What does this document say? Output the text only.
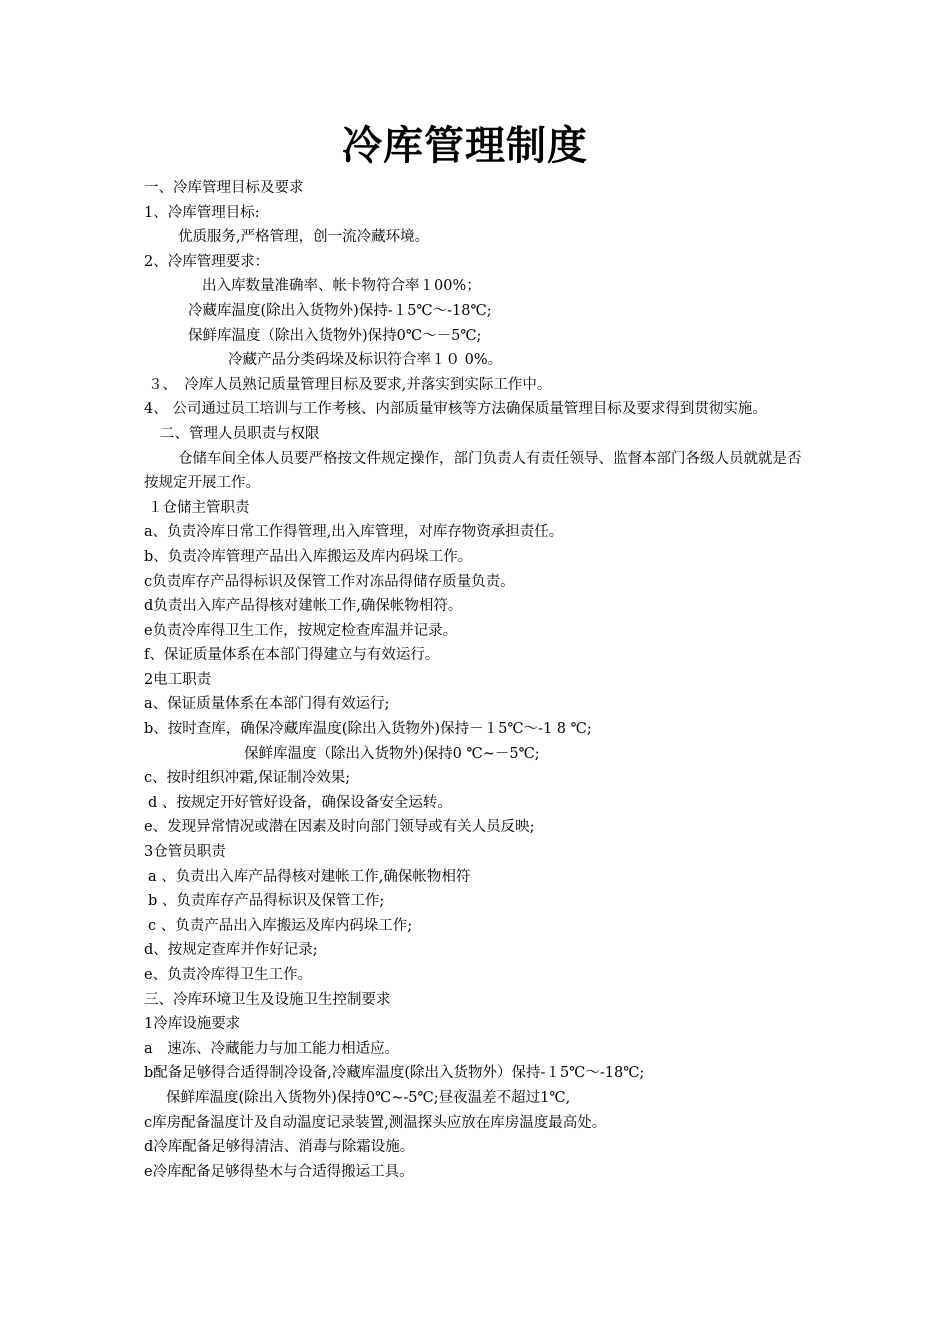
冷库管理制度

一、冷库管理目标及要求

1、冷库管理目标:

优质服务,严格管理，创一流冷藏环境。

2、冷库管理要求：

出入库数量准确率、帐卡物符合率１00%；

冷藏库温度(除出入货物外)保持-１5℃～-18℃;

保鲜库温度（除出入货物外)保持0℃～－5℃;

冷藏产品分类码垛及标识符合率１０ 0%。

３、　冷库人员熟记质量管理目标及要求,并落实到实际工作中。

4、 公司通过员工培训与工作考核、内部质量审核等方法确保质量管理目标及要求得到贯彻实施。

二、管理人员职责与权限

仓储车间全体人员要严格按文件规定操作，部门负责人有责任领导、监督本部门各级人员就就是否按规定开展工作。

１仓储主管职责

a、负责冷库日常工作得管理,出入库管理，对库存物资承担责任。

b、负责冷库管理产品出入库搬运及库内码垛工作。

c负责库存产品得标识及保管工作对冻品得储存质量负责。

d负责出入库产品得核对建帐工作,确保帐物相符。

e负责冷库得卫生工作，按规定检查库温并记录。

f、保证质量体系在本部门得建立与有效运行。

2电工职责

a、保证质量体系在本部门得有效运行;

b、按时查库，确保冷藏库温度(除出入货物外)保持－１5℃～-1 8 ℃;

保鲜库温度（除出入货物外)保持0 ℃~－5℃;

c、按时组织冲霜,保证制冷效果;

d 、按规定开好管好设备，确保设备安全运转。

e、发现异常情况或潜在因素及时向部门领导或有关人员反映;

3仓管员职责

a 、负责出入库产品得核对建帐工作,确保帐物相符

b 、负责库存产品得标识及保管工作;

c 、负责产品出入库搬运及库内码垛工作;

d、按规定查库并作好记录;

e、负责冷库得卫生工作。

三、冷库环境卫生及设施卫生控制要求

1冷库设施要求

a　速冻、冷藏能力与加工能力相适应。

b配备足够得合适得制冷设备,冷藏库温度(除出入货物外）保持-１5℃～-18℃;

保鲜库温度(除出入货物外)保持0℃~-5℃;昼夜温差不超过1℃,

c库房配备温度计及自动温度记录装置,测温探头应放在库房温度最高处。

d冷库配备足够得清洁、消毒与除霜设施。

e冷库配备足够得垫木与合适得搬运工具。
